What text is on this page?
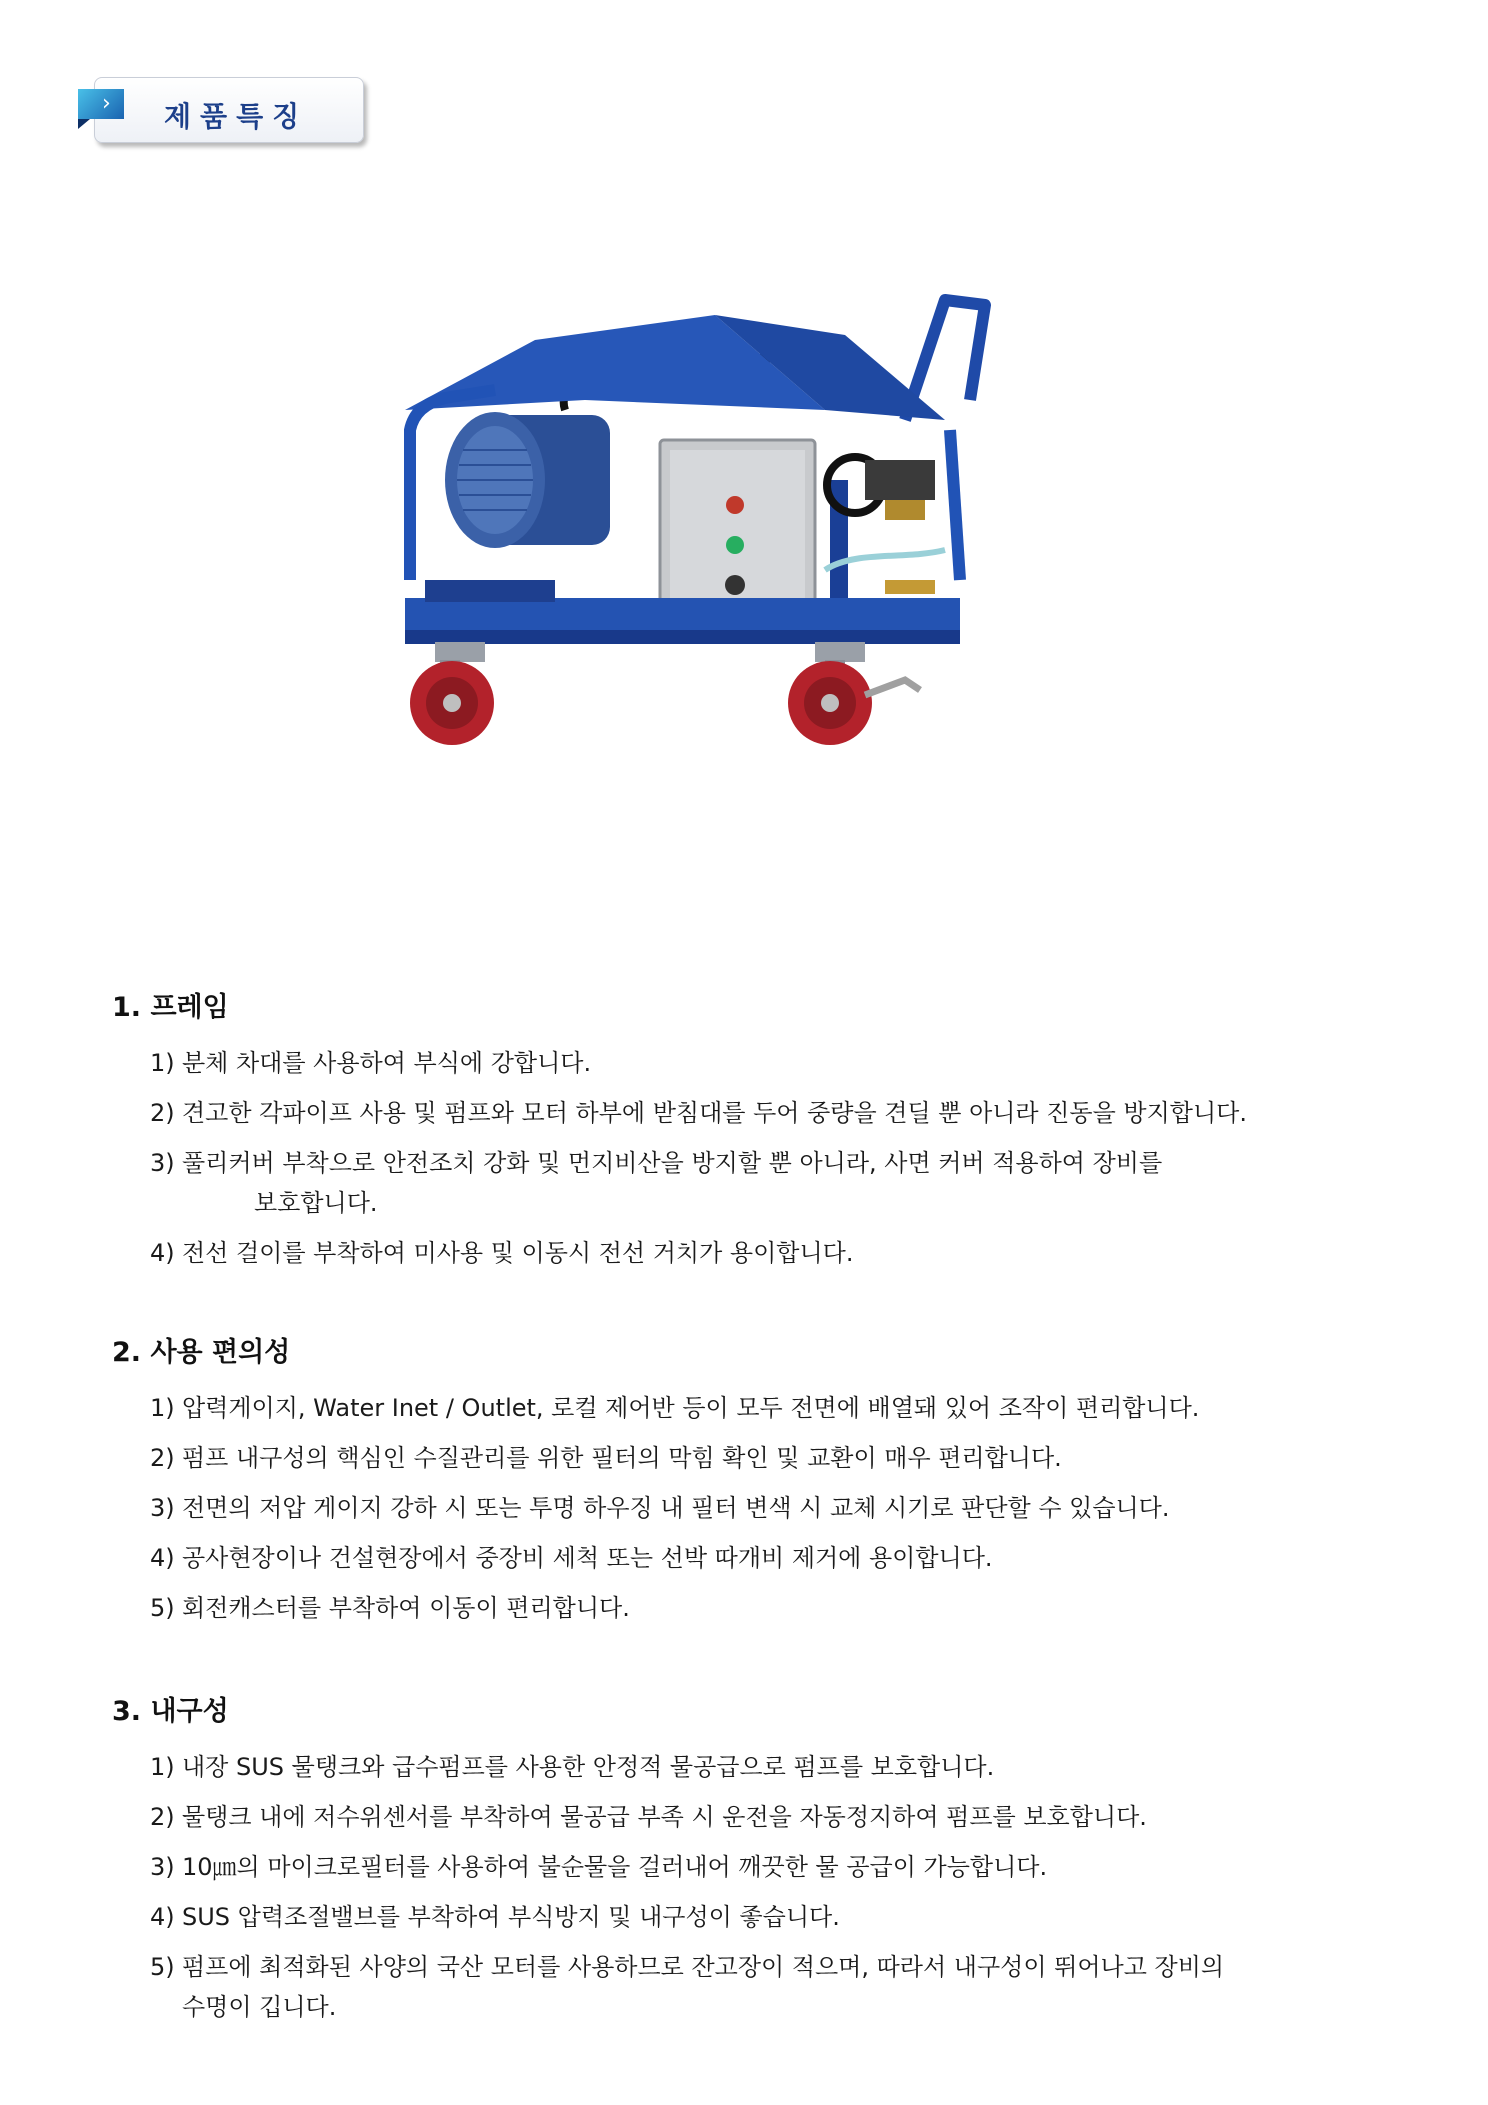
› 제품특징
1. 프레임
1) 분체 차대를 사용하여 부식에 강합니다.
2) 견고한 각파이프 사용 및 펌프와 모터 하부에 받침대를 두어 중량을 견딜 뿐 아니라 진동을 방지합니다.
3) 풀리커버 부착으로 안전조치 강화 및 먼지비산을 방지할 뿐 아니라, 사면 커버 적용하여 장비를

보호합니다.
4) 전선 걸이를 부착하여 미사용 및 이동시 전선 거치가 용이합니다.
2. 사용 편의성
1) 압력게이지, Water Inet / Outlet, 로컬 제어반 등이 모두 전면에 배열돼 있어 조작이 편리합니다.
2) 펌프 내구성의 핵심인 수질관리를 위한 필터의 막힘 확인 및 교환이 매우 편리합니다.
3) 전면의 저압 게이지 강하 시 또는 투명 하우징 내 필터 변색 시 교체 시기로 판단할 수 있습니다.
4) 공사현장이나 건설현장에서 중장비 세척 또는 선박 따개비 제거에 용이합니다.
5) 회전캐스터를 부착하여 이동이 편리합니다.
3. 내구성
1) 내장 SUS 물탱크와 급수펌프를 사용한 안정적 물공급으로 펌프를 보호합니다.
2) 물탱크 내에 저수위센서를 부착하여 물공급 부족 시 운전을 자동정지하여 펌프를 보호합니다.
3) 10㎛의 마이크로필터를 사용하여 불순물을 걸러내어 깨끗한 물 공급이 가능합니다.
4) SUS 압력조절밸브를 부착하여 부식방지 및 내구성이 좋습니다.
5) 펌프에 최적화된 사양의 국산 모터를 사용하므로 잔고장이 적으며, 따라서 내구성이 뛰어나고 장비의
수명이 깁니다.
